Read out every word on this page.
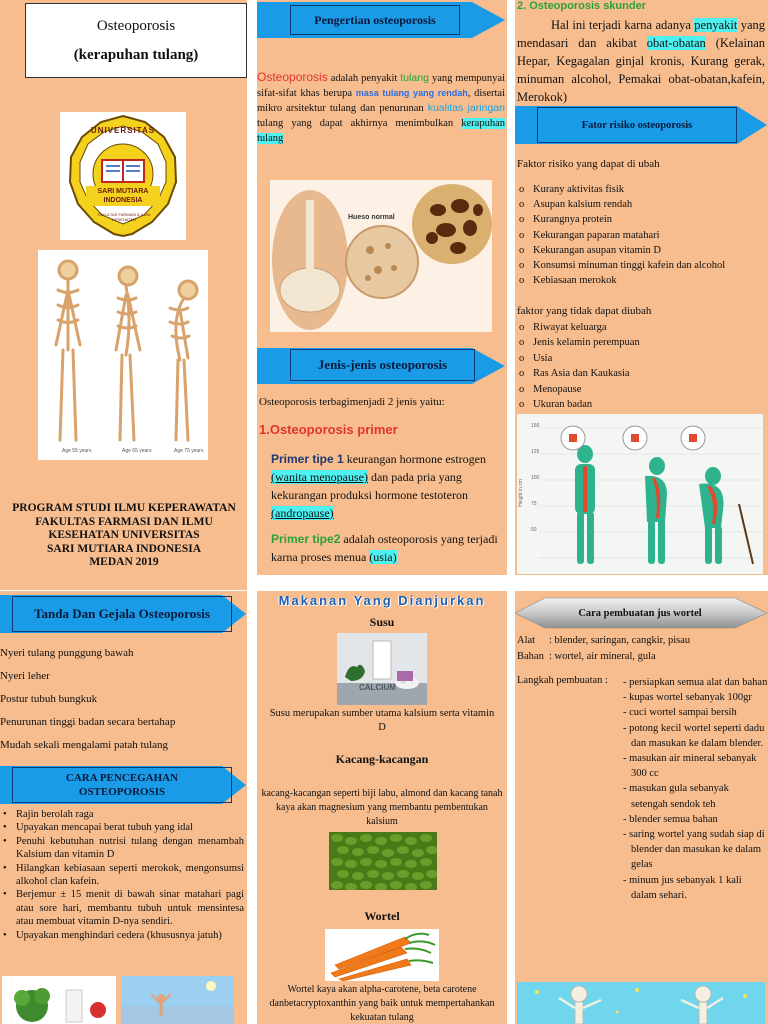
Osteoporosis
(kerapuhan tulang)
UNIVERSITAS
SARI MUTIARA
INDONESIA
FAKULTAS FARMASI & ILMU KESEHATAN
Age 55 years	Age 65 years	Age 75 years
PROGRAM STUDI ILMU KEPERAWATAN
FAKULTAS FARMASI DAN ILMU
KESEHATAN UNIVERSITAS
SARI MUTIARA INDONESIA
MEDAN 2019
Pengertian osteoporosis
Osteoporosis adalah penyakit tulang yang mempunyai sifat-sifat khas berupa masa tulang yang rendah, disertai mikro arsitektur tulang dan penurunan kualitas jaringan tulang yang dapat akhirnya menimbulkan kerapuhan tulang
Hueso normal
Jenis-jenis osteoporosis
Osteoporosis terbagimenjadi 2 jenis yaitu:
1.Osteoporosis primer
Primer tipe 1 keurangan hormone estrogen (wanita menopause) dan pada pria yang kekurangan produksi hormone testoteron (andropause)
Primer tipe2 adalah osteoporosis yang terjadi karna proses menua (usia)
2. Osteoporosis skunder
Hal ini terjadi karna adanya penyakit yang mendasari dan akibat obat-obatan (Kelainan Hepar, Kegagalan ginjal kronis, Kurang gerak, minuman alcohol, Pemakai obat-obatan,kafein, Merokok)
Fator risiko osteoporosis
Faktor risiko yang dapat di ubah
o Kurany aktivitas fisik
o Asupan kalsium rendah
o Kurangnya protein
o Kekurangan paparan matahari
o Kekurangan asupan vitamin D
o Konsumsi minuman tinggi kafein dan alcohol
o Kebiasaan merokok
faktor yang tidak dapat diubah
o Riwayat keluarga
o Jenis kelamin perempuan
o Usia
o Ras Asia dan Kaukasia
o Menopause
o Ukuran badan
150
125
100
75
50
Height in cm
Tanda Dan Gejala Osteoporosis
Nyeri tulang punggung bawah
Nyeri leher
Postur tubuh bungkuk
Penurunan tinggi badan secara bertahap
Mudah sekali mengalami patah tulang
CARA PENCEGAHAN
OSTEOPOROSIS
• Rajin berolah raga
• Upayakan mencapai berat tubuh yang idal
• Penuhi kebutuhan nutrisi tulang dengan menambah Kalsium dan vitamin D
• Hilangkan kebiasaan seperti merokok, mengonsumsi alkohol clan kafein.
• Berjemur ± 15 menit di bawah sinar matahari pagi atau sore hari, membantu tubuh untuk mensintesa atau membuat vitamin D-nya sendiri.
• Upayakan menghindari cedera (khususnya jatuh)
Makanan Yang Dianjurkan
Susu
CALCIUM
Susu merupakan sumber utama kalsium serta vitamin D
Kacang-kacangan
kacang-kacangan seperti biji labu, almond dan kacang tanah kaya akan magnesium yang membantu pembentukan kalsium
Wortel
Wortel kaya akan alpha-carotene, beta carotene danbetacryptoxanthin yang baik untuk mempertahankan kekuatan tulang
Cara pembuatan jus wortel
Alat : blender, saringan, cangkir, pisau
Bahan : wortel, air mineral, gula
Langkah pembuatan : - persiapkan semua alat dan bahan
- kupas wortel sebanyak 100gr
- cuci wortel sampai bersih
- potong kecil wortel seperti dadu dan masukan ke dalam blender.
- masukan air mineral sebanyak 300 cc
- masukan gula sebanyak setengah sendok teh
- blender semua bahan
- saring wortel yang sudah siap di blender dan masukan ke dalam gelas
- minum jus sebanyak 1 kali dalam sehari.
